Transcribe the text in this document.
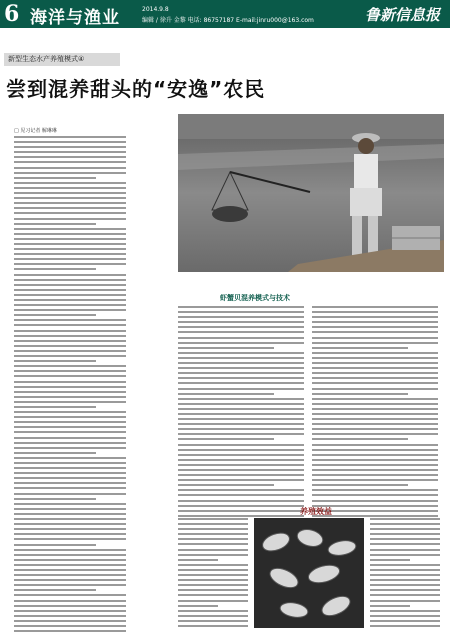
6 海洋与渔业	2014.9.8
编辑 / 徐升 金黎 电话: 86757187 E-mail:jinru000@163.com	鲁新信息报
新型生态水产养殖模式④
尝到混养甜头的“安逸”农民
□ 见习记者 解琳琳
虾蟹贝混养模式与技术
养殖效益
